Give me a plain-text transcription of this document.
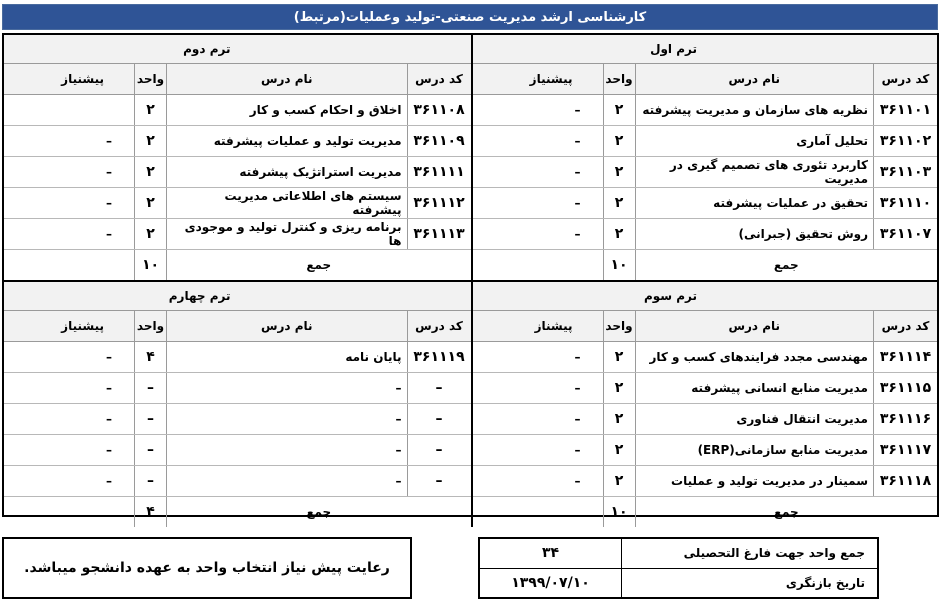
کارشناسی ارشد مدیریت صنعتی-تولید وعملیات(مرتبط)
ترم اول
کد درس
نام درس
واحد
پیشنیاز
۳۶۱۱۰۱
نظریه های سازمان و مدیریت پیشرفته
۲
–
۳۶۱۱۰۲
تحلیل آماری
۲
–
۳۶۱۱۰۳
کاربرد تئوری های تصمیم گیری در مدیریت
۲
–
۳۶۱۱۱۰
تحقیق در عملیات پیشرفته
۲
–
۳۶۱۱۰۷
روش تحقیق (جبرانی)
۲
–
جمع
۱۰
ترم دوم
کد درس
نام درس
واحد
پیشنیاز
۳۶۱۱۰۸
اخلاق و احکام کسب و کار
۲
۳۶۱۱۰۹
مدیریت تولید و عملیات پیشرفته
۲
–
۳۶۱۱۱۱
مدیریت استراتژیک پیشرفته
۲
–
۳۶۱۱۱۲
سیستم های اطلاعاتی مدیریت پیشرفته
۲
–
۳۶۱۱۱۳
برنامه ریزی و کنترل تولید و موجودی ها
۲
–
جمع
۱۰
ترم سوم
کد درس
نام درس
واحد
پیشناز
۳۶۱۱۱۴
مهندسی مجدد فرایندهای کسب و کار
۲
–
۳۶۱۱۱۵
مدیریت منابع انسانی پیشرفته
۲
–
۳۶۱۱۱۶
مدیریت انتقال فناوری
۲
–
۳۶۱۱۱۷
مدیریت منابع سازمانی(ERP)
۲
–
۳۶۱۱۱۸
سمینار در مدیریت تولید و عملیات
۲
–
جمع
۱۰
ترم چهارم
کد درس
نام درس
واحد
پیشنیاز
۳۶۱۱۱۹
پایان نامه
۴
–
–
–
–
–
–
–
–
–
–
–
–
–
–
–
–
–
جمع
۴
رعایت پیش نیاز انتخاب واحد به عهده دانشجو میباشد.
جمع واحد جهت فارغ التحصیلی
۳۴
تاریخ بازنگری
۱۳۹۹/۰۷/۱۰
